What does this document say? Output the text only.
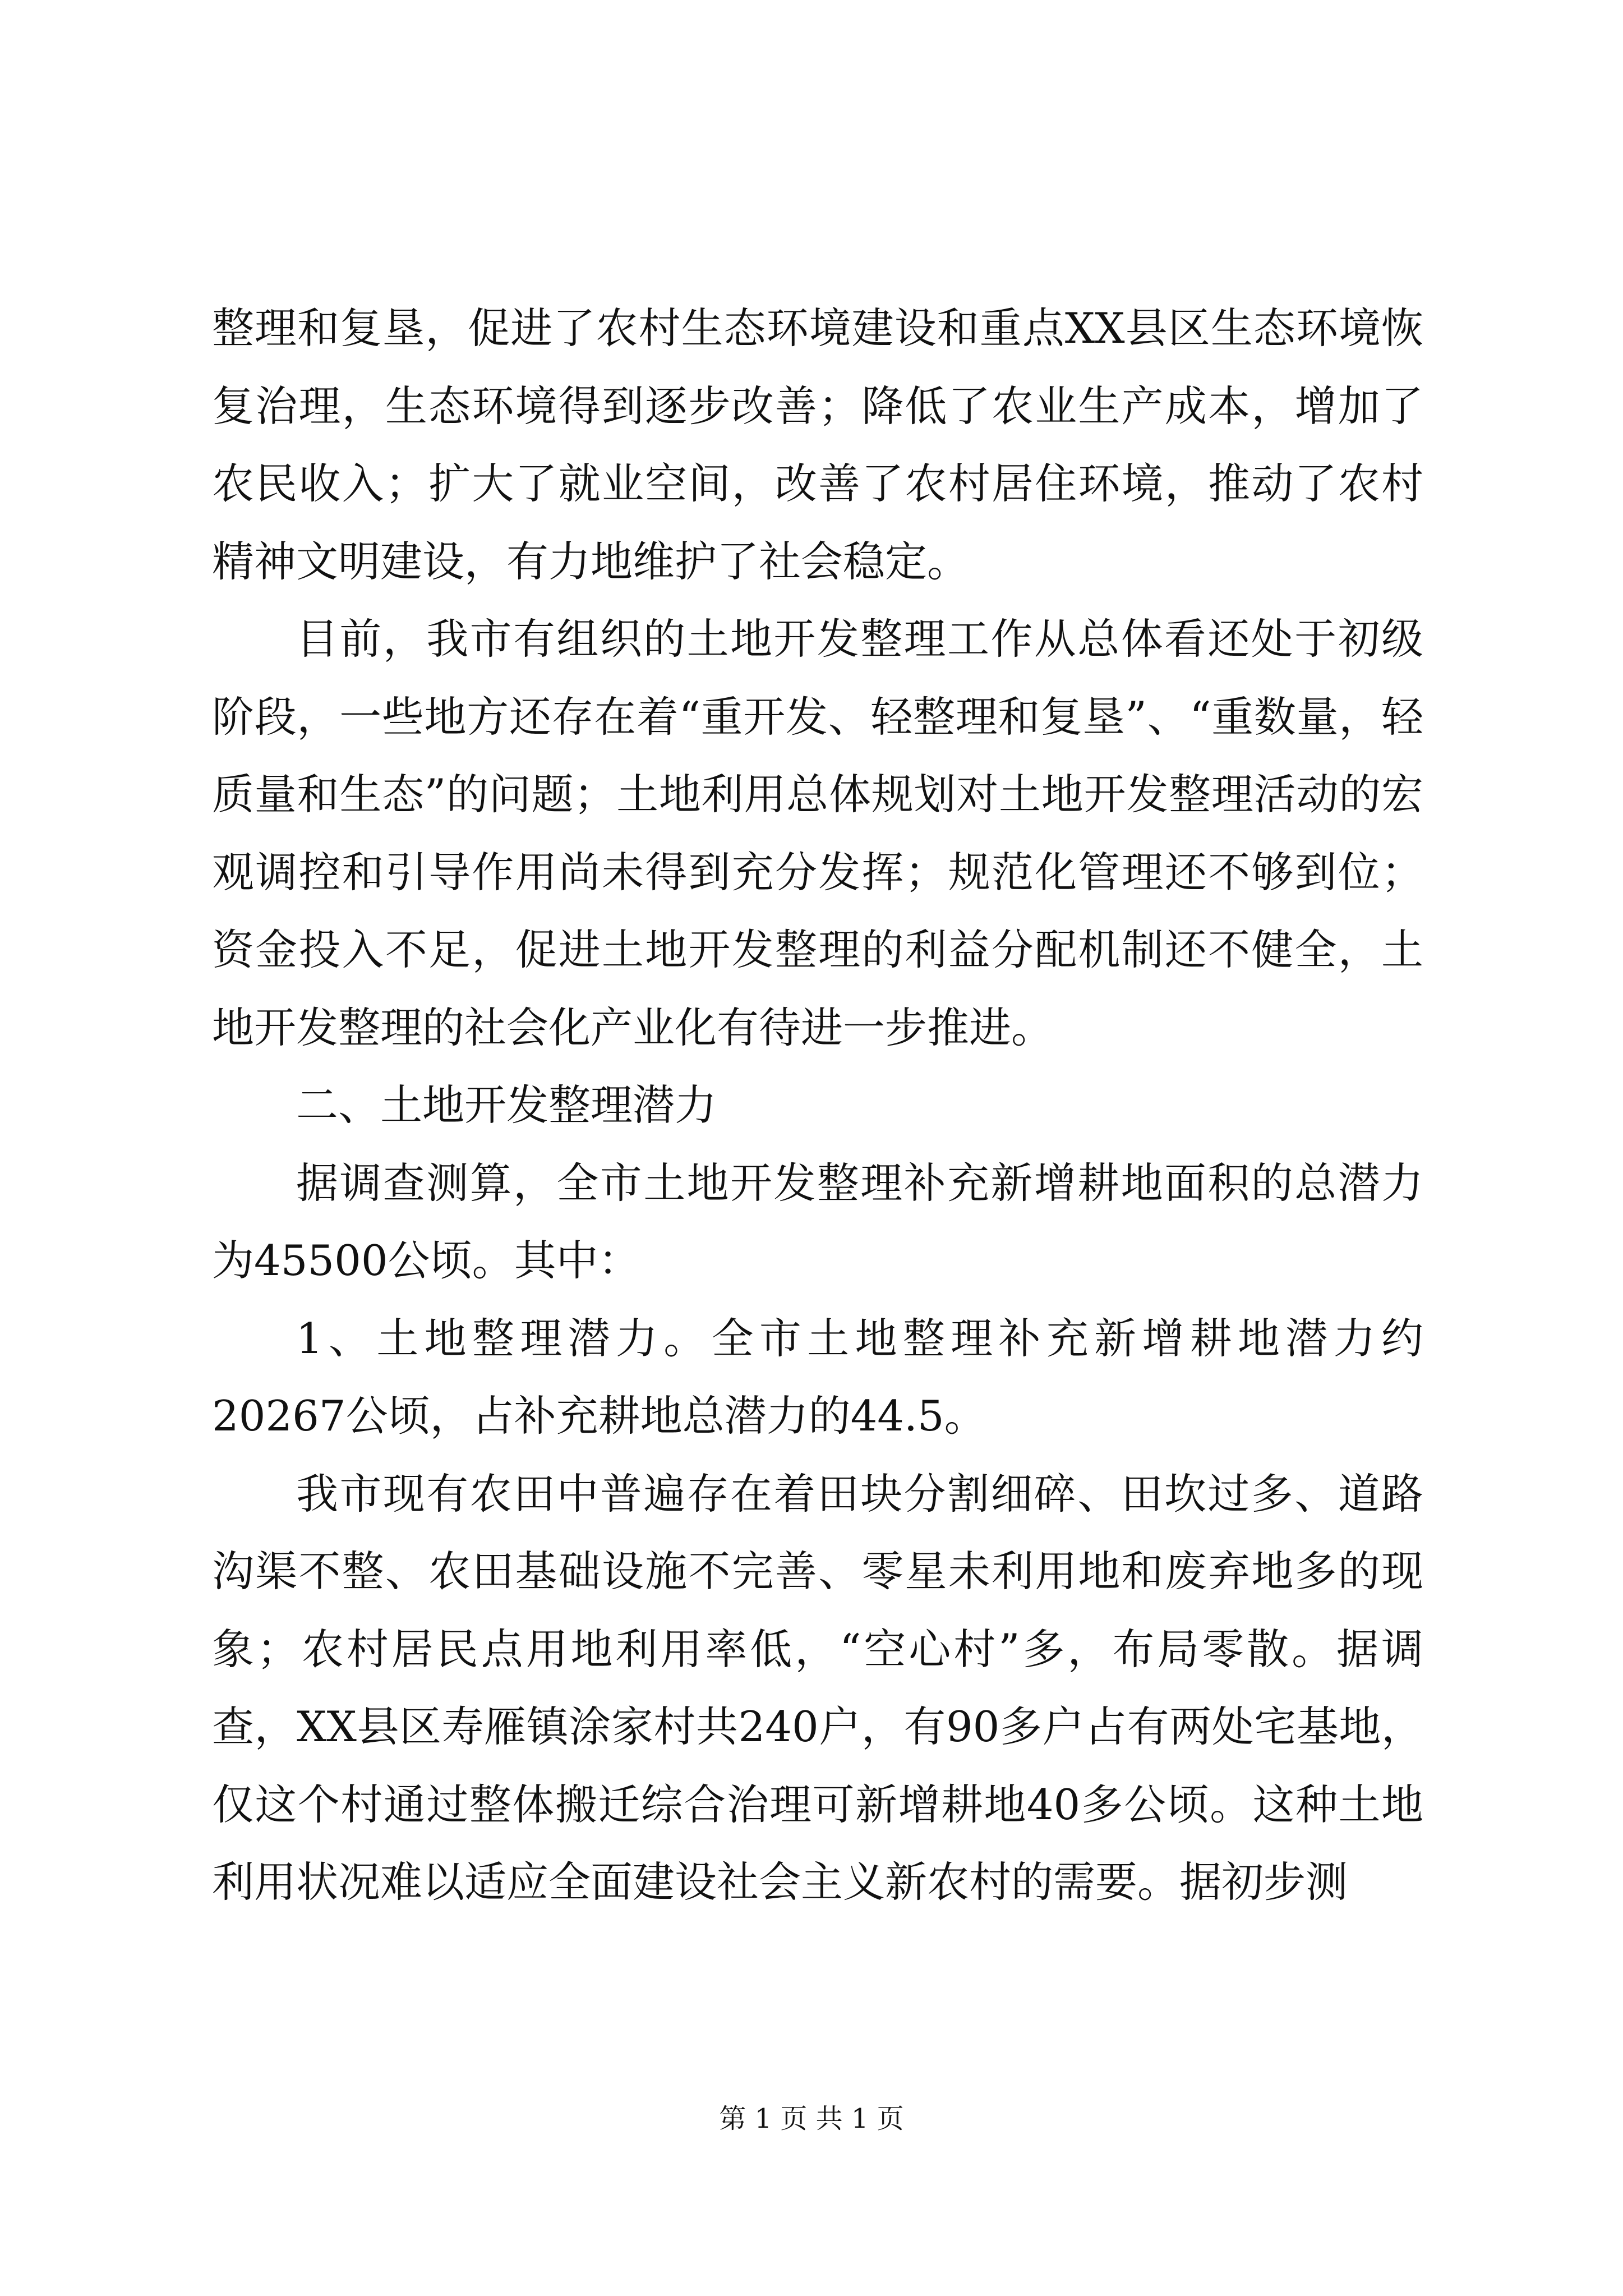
整理和复垦，促进了农村生态环境建设和重点XX县区生态环境恢复治理，生态环境得到逐步改善；降低了农业生产成本，增加了农民收入；扩大了就业空间，改善了农村居住环境，推动了农村精神文明建设，有力地维护了社会稳定。

目前，我市有组织的土地开发整理工作从总体看还处于初级阶段，一些地方还存在着“重开发、轻整理和复垦”、“重数量，轻质量和生态”的问题；土地利用总体规划对土地开发整理活动的宏观调控和引导作用尚未得到充分发挥；规范化管理还不够到位；资金投入不足，促进土地开发整理的利益分配机制还不健全，土地开发整理的社会化产业化有待进一步推进。

二、土地开发整理潜力

据调查测算，全市土地开发整理补充新增耕地面积的总潜力为45500公顷。其中：

1、土地整理潜力。全市土地整理补充新增耕地潜力约20267公顷，占补充耕地总潜力的44.5。

我市现有农田中普遍存在着田块分割细碎、田坎过多、道路沟渠不整、农田基础设施不完善、零星未利用地和废弃地多的现象；农村居民点用地利用率低，“空心村”多，布局零散。据调查，XX县区寿雁镇涂家村共240户，有90多户占有两处宅基地，仅这个村通过整体搬迁综合治理可新增耕地40多公顷。这种土地利用状况难以适应全面建设社会主义新农村的需要。据初步测

第 1 页 共 1 页
